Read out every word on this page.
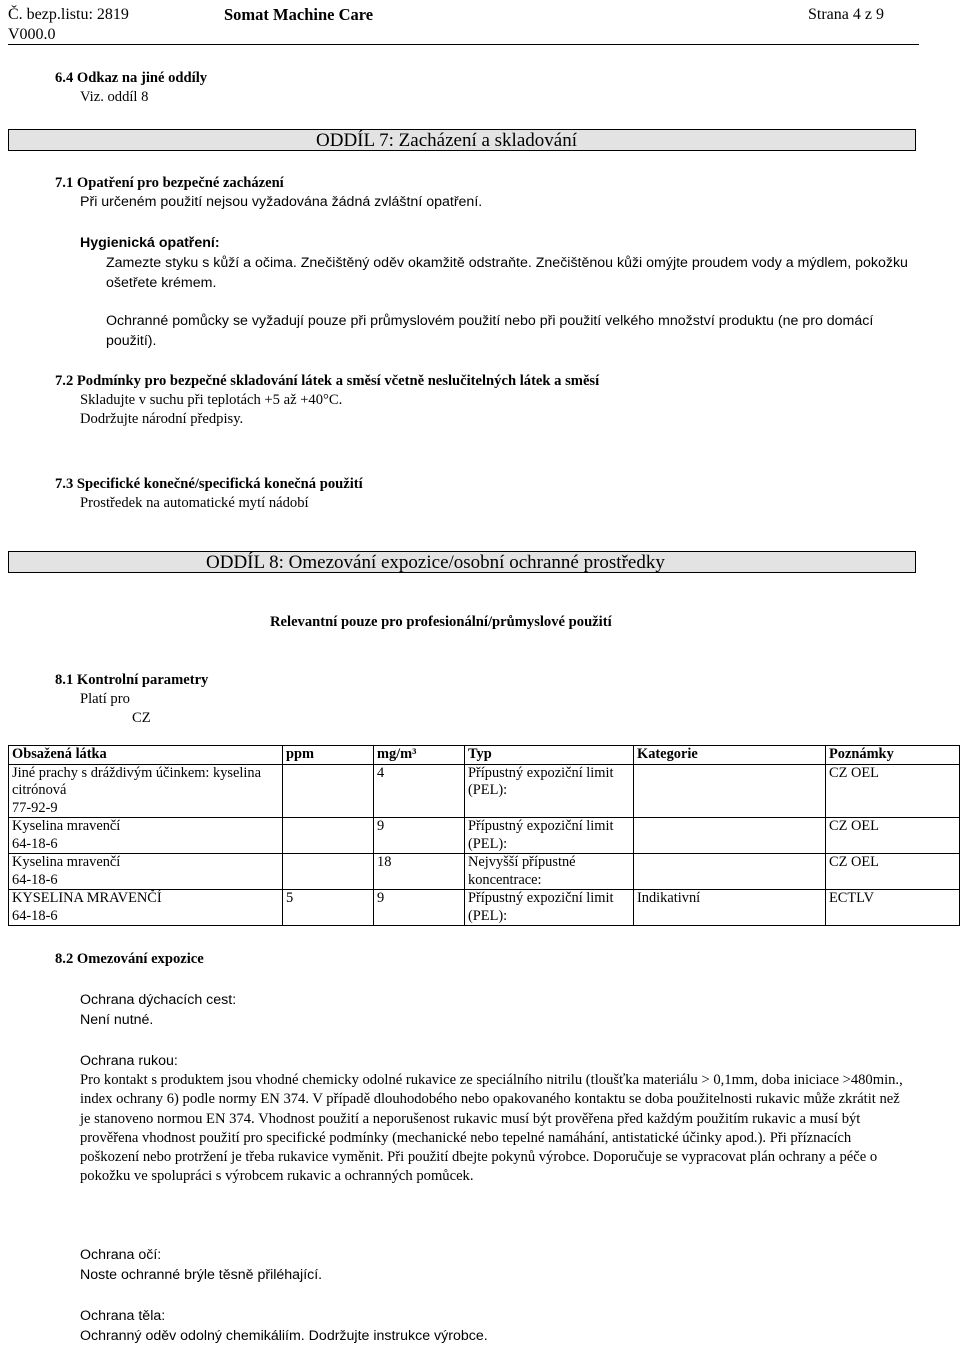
Č. bezp.listu: 2819
V000.0
Somat Machine Care	Strana 4 z 9
6.4 Odkaz na jiné oddíly
Viz. oddíl 8
ODDÍL 7: Zacházení a skladování
7.1 Opatření pro bezpečné zacházení
Při určeném použití nejsou vyžadována žádná zvláštní opatření.
Hygienická opatření:
Zamezte styku s kůží a očima. Znečištěný oděv okamžitě odstraňte. Znečištěnou kůži omýjte proudem vody a mýdlem, pokožku ošetřete krémem.
Ochranné pomůcky se vyžadují pouze při průmyslovém použití nebo při použití velkého množství produktu (ne pro domácí použití).
7.2 Podmínky pro bezpečné skladování látek a směsí včetně neslučitelných látek a směsí
Skladujte v suchu při teplotách +5 až +40°C.
Dodržujte národní předpisy.
7.3 Specifické konečné/specifická konečná použití
Prostředek na automatické mytí nádobí
ODDÍL 8: Omezování expozice/osobní ochranné prostředky
Relevantní pouze pro profesionální/průmyslové použití
8.1 Kontrolní parametry
Platí pro
CZ
Obsažená látka	ppm	mg/m³	Typ	Kategorie	Poznámky
Jiné prachy s dráždivým účinkem: kyselina citrónová
77-92-9		4	Přípustný expoziční limit (PEL):		CZ OEL
Kyselina mravenčí
64-18-6		9	Přípustný expoziční limit (PEL):		CZ OEL
Kyselina mravenčí
64-18-6		18	Nejvyšší přípustné koncentrace:		CZ OEL
KYSELINA MRAVENČÍ
64-18-6	5	9	Přípustný expoziční limit (PEL):	Indikativní	ECTLV
8.2 Omezování expozice
Ochrana dýchacích cest:
Není nutné.
Ochrana rukou:
Pro kontakt s produktem jsou vhodné chemicky odolné rukavice ze speciálního nitrilu (tloušťka materiálu > 0,1mm, doba iniciace >480min., index ochrany 6) podle normy EN 374. V případě dlouhodobého nebo opakovaného kontaktu se doba použitelnosti rukavic může zkrátit než je stanoveno normou EN 374. Vhodnost použití a neporušenost rukavic musí být prověřena před každým použitím rukavic a musí být prověřena vhodnost použití pro specifické podmínky (mechanické nebo tepelné namáhání, antistatické účinky apod.). Při příznacích poškození nebo protržení je třeba rukavice vyměnit. Při použití dbejte pokynů výrobce. Doporučuje se vypracovat plán ochrany a péče o pokožku ve spolupráci s výrobcem rukavic a ochranných pomůcek.
Ochrana očí:
Noste ochranné brýle těsně přiléhající.
Ochrana těla:
Ochranný oděv odolný chemikáliím. Dodržujte instrukce výrobce.
